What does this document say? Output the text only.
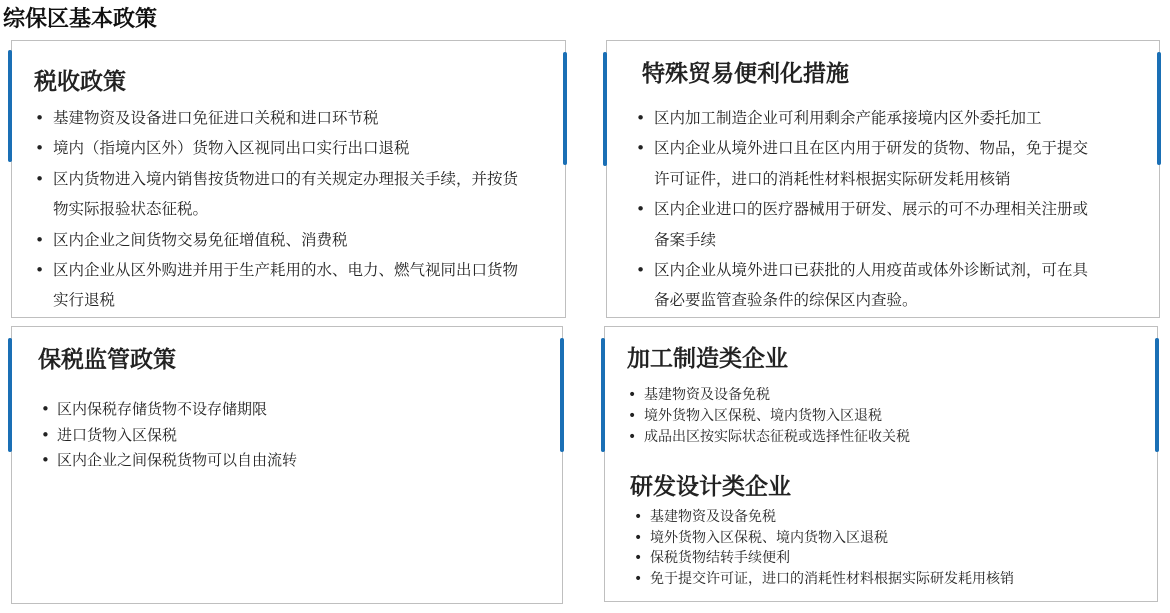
综保区基本政策
税收政策
• 基建物资及设备进口免征进口关税和进口环节税
• 境内（指境内区外）货物入区视同出口实行出口退税
• 区内货物进入境内销售按货物进口的有关规定办理报关手续，并按货
物实际报验状态征税。
• 区内企业之间货物交易免征增值税、消费税
• 区内企业从区外购进并用于生产耗用的水、电力、燃气视同出口货物
实行退税
特殊贸易便利化措施
• 区内加工制造企业可利用剩余产能承接境内区外委托加工
• 区内企业从境外进口且在区内用于研发的货物、物品，免于提交
许可证件，进口的消耗性材料根据实际研发耗用核销
• 区内企业进口的医疗器械用于研发、展示的可不办理相关注册或
备案手续
• 区内企业从境外进口已获批的人用疫苗或体外诊断试剂，可在具
备必要监管查验条件的综保区内查验。
保税监管政策
• 区内保税存储货物不设存储期限
• 进口货物入区保税
• 区内企业之间保税货物可以自由流转
加工制造类企业
• 基建物资及设备免税
• 境外货物入区保税、境内货物入区退税
• 成品出区按实际状态征税或选择性征收关税
研发设计类企业
• 基建物资及设备免税
• 境外货物入区保税、境内货物入区退税
• 保税货物结转手续便利
• 免于提交许可证，进口的消耗性材料根据实际研发耗用核销
